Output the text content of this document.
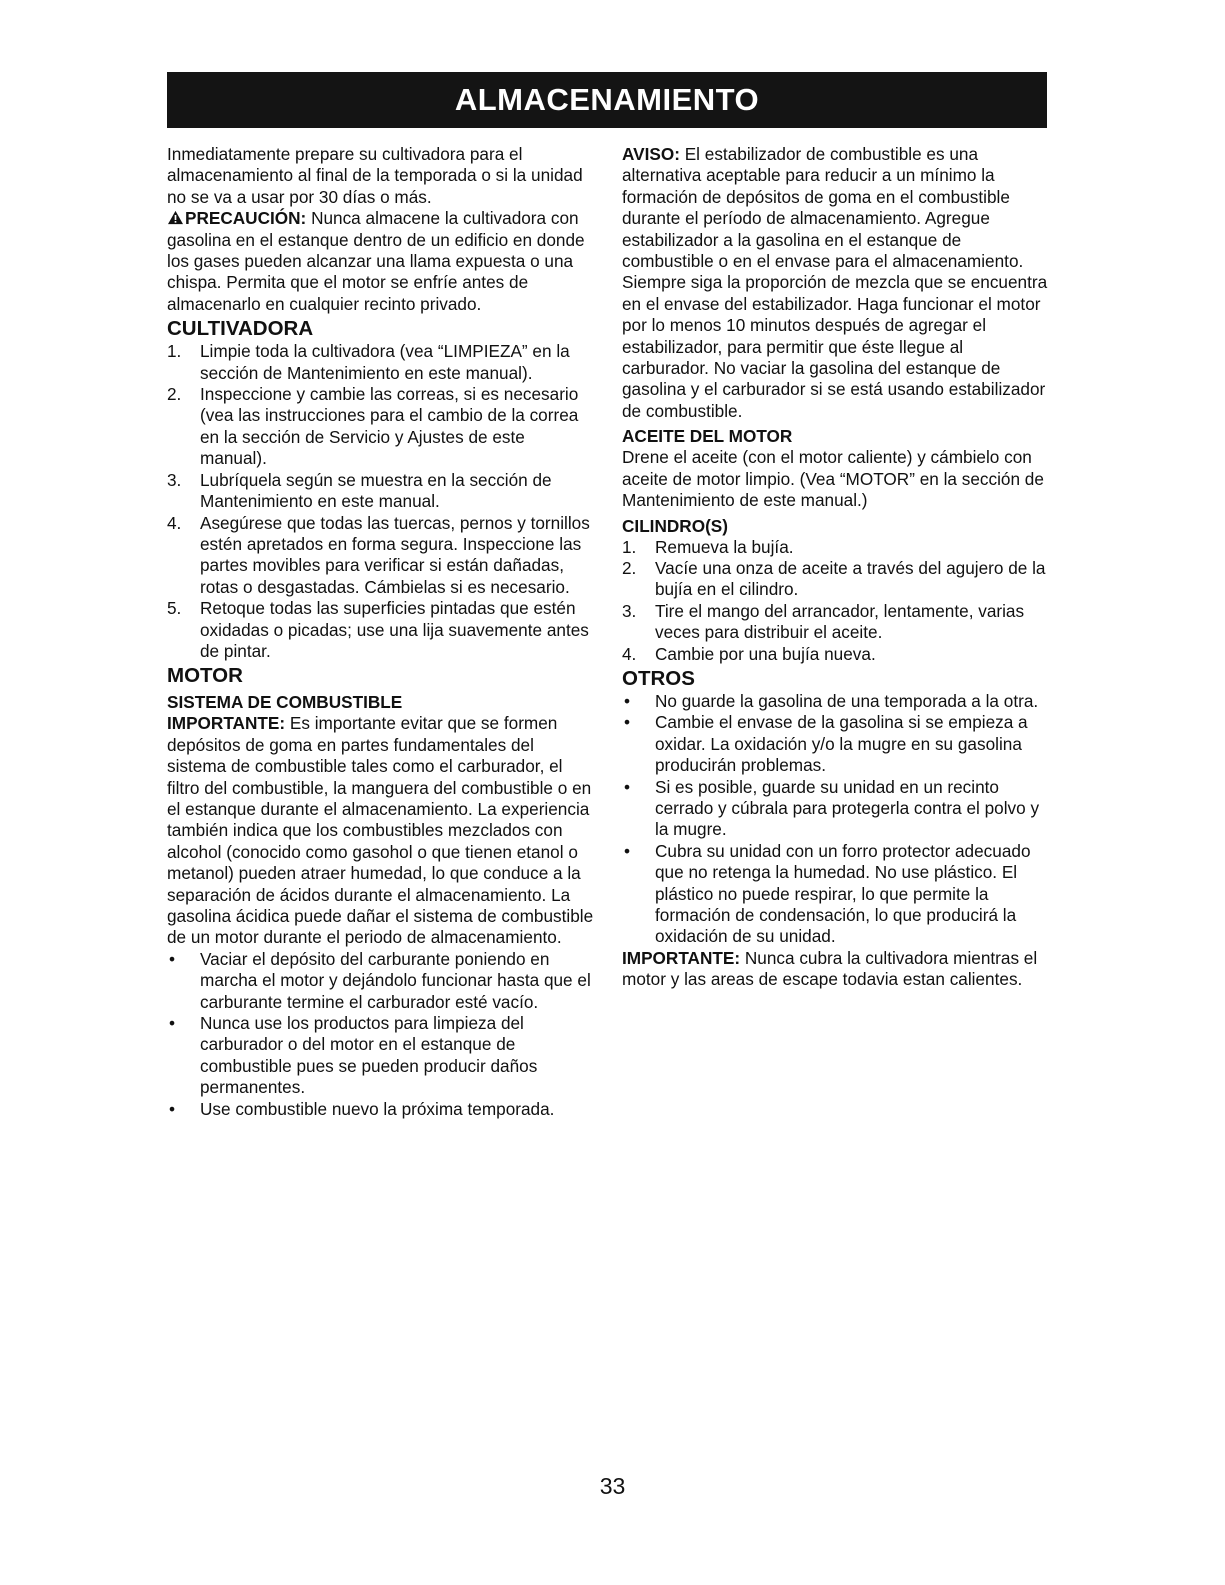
ALMACENAMIENTO

Inmediatamente prepare su cultivadora para el almacenamiento al final de la temporada o si la unidad no se va a usar por 30 días o más.

PRECAUCIÓN: Nunca almacene la cultivadora con gasolina en el estanque dentro de un edificio en donde los gases pueden alcanzar una llama expuesta o una chispa. Permita que el motor se enfríe antes de almacenarlo en cualquier recinto privado.

CULTIVADORA
1. Limpie toda la cultivadora (vea “LIMPIEZA” en la sección de Mantenimiento en este manual).
2. Inspeccione y cambie las correas, si es necesario (vea las instrucciones para el cambio de la correa en la sección de Servicio y Ajustes de este manual).
3. Lubríquela según se muestra en la sección de Mantenimiento en este manual.
4. Asegúrese que todas las tuercas, pernos y tornillos estén apretados en forma segura. Inspeccione las partes movibles para verificar si están dañadas, rotas o desgastadas. Cámbielas si es necesario.
5. Retoque todas las superficies pintadas que estén oxidadas o picadas; use una lija suavemente antes de pintar.
MOTOR
SISTEMA DE COMBUSTIBLE

IMPORTANTE: Es importante evitar que se formen depósitos de goma en partes fundamentales del sistema de combustible tales como el carburador, el filtro del combustible, la manguera del combustible o en el estanque durante el almacenamiento. La experiencia también indica que los combustibles mezclados con alcohol (conocido como gasohol o que tienen etanol o metanol) pueden atraer humedad, lo que conduce a la separación de ácidos durante el almacenamiento. La gasolina ácidica puede dañar el sistema de combustible de un motor durante el periodo de almacenamiento.

• Vaciar el depósito del carburante poniendo en marcha el motor y dejándolo funcionar hasta que el carburante termine el carburador esté vacío.
• Nunca use los productos para limpieza del carburador o del motor en el estanque de combustible pues se pueden producir daños permanentes.
• Use combustible nuevo la próxima temporada.

AVISO: El estabilizador de combustible es una alternativa aceptable para reducir a un mínimo la formación de depósitos de goma en el combustible durante el período de almacenamiento. Agregue estabilizador a la gasolina en el estanque de combustible o en el envase para el almacenamiento. Siempre siga la proporción de mezcla que se encuentra en el envase del estabilizador. Haga funcionar el motor por lo menos 10 minutos después de agregar el estabilizador, para permitir que éste llegue al carburador. No vaciar la gasolina del estanque de gasolina y el carburador si se está usando estabilizador de combustible.

ACEITE DEL MOTOR

Drene el aceite (con el motor caliente) y cámbielo con aceite de motor limpio. (Vea “MOTOR” en la sección de Mantenimiento de este manual.)

CILINDRO(S)
1. Remueva la bujía.
2. Vacíe una onza de aceite a través del agujero de la bujía en el cilindro.
3. Tire el mango del arrancador, lentamente, varias veces para distribuir el aceite.
4. Cambie por una bujía nueva.
OTROS
• No guarde la gasolina de una temporada a la otra.
• Cambie el envase de la gasolina si se empieza a oxidar. La oxidación y/o la mugre en su gasolina producirán problemas.
• Si es posible, guarde su unidad en un recinto cerrado y cúbrala para protegerla contra el polvo y la mugre.
• Cubra su unidad con un forro protector adecuado que no retenga la humedad. No use plástico. El plástico no puede respirar, lo que permite la formación de condensación, lo que producirá la oxidación de su unidad.

IMPORTANTE: Nunca cubra la cultivadora mientras el motor y las areas de escape todavia estan calientes.

33
